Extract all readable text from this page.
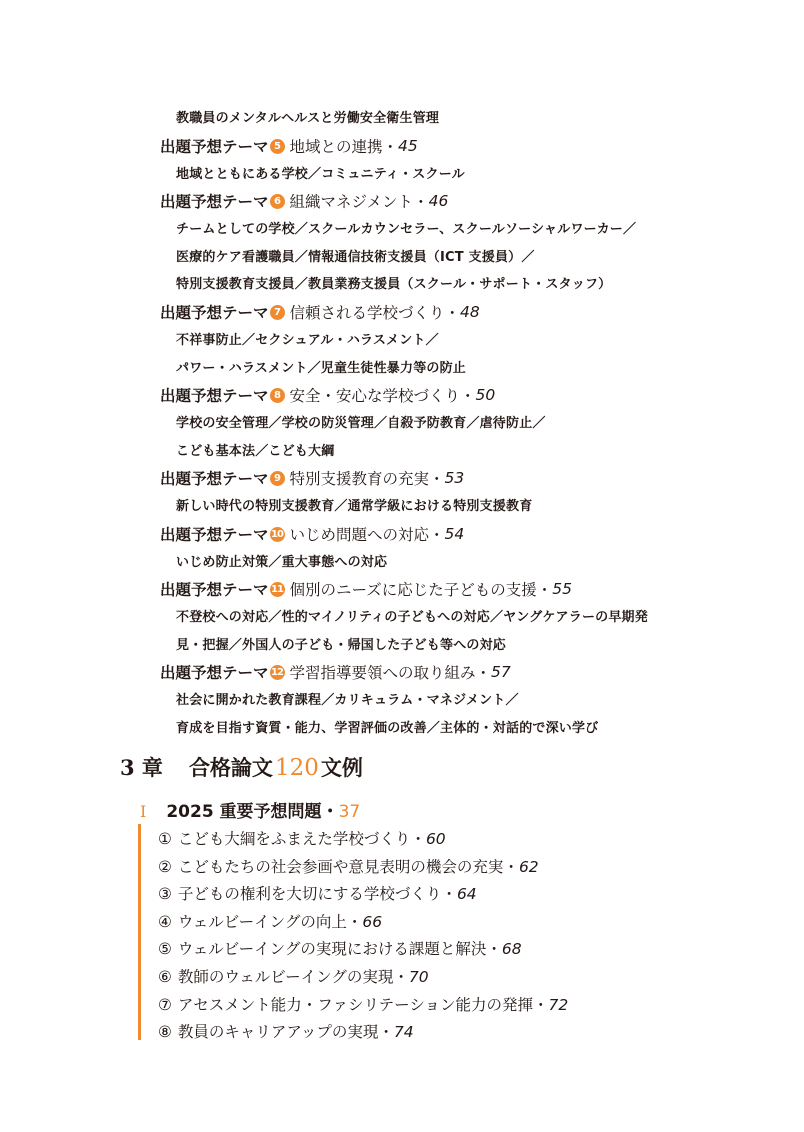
教職員のメンタルヘルスと労働安全衛生管理
出題予想テーマ 5 地域との連携 ・ 45
地域とともにある学校／コミュニティ・スクール
出題予想テーマ 6 組織マネジメント ・ 46
チームとしての学校／スクールカウンセラー、スクールソーシャルワーカー／
医療的ケア看護職員／情報通信技術支援員（ICT 支援員）／
特別支援教育支援員／教員業務支援員（スクール・サポート・スタッフ）
出題予想テーマ 7 信頼される学校づくり ・ 48
不祥事防止／セクシュアル・ハラスメント／
パワー・ハラスメント／児童生徒性暴力等の防止
出題予想テーマ 8 安全・安心な学校づくり ・ 50
学校の安全管理／学校の防災管理／自殺予防教育／虐待防止／
こども基本法／こども大綱
出題予想テーマ 9 特別支援教育の充実 ・ 53
新しい時代の特別支援教育／通常学級における特別支援教育
出題予想テーマ 10 いじめ問題への対応 ・ 54
いじめ防止対策／重大事態への対応
出題予想テーマ 11 個別のニーズに応じた子どもの支援 ・ 55
不登校への対応／性的マイノリティの子どもへの対応／ヤングケアラーの早期発
見・把握／外国人の子ども・帰国した子ども等への対応
出題予想テーマ 12 学習指導要領への取り組み ・ 57
社会に開かれた教育課程／カリキュラム・マネジメント／
育成を目指す資質・能力、学習評価の改善／主体的・対話的で深い学び
3 章 合格論文120文例
I 2025 重要予想問題・37
① こども大綱をふまえた学校づくり・60
② こどもたちの社会参画や意見表明の機会の充実・62
③ 子どもの権利を大切にする学校づくり・64
④ ウェルビーイングの向上・66
⑤ ウェルビーイングの実現における課題と解決・68
⑥ 教師のウェルビーイングの実現・70
⑦ アセスメント能力・ファシリテーション能力の発揮・72
⑧ 教員のキャリアアップの実現・74
